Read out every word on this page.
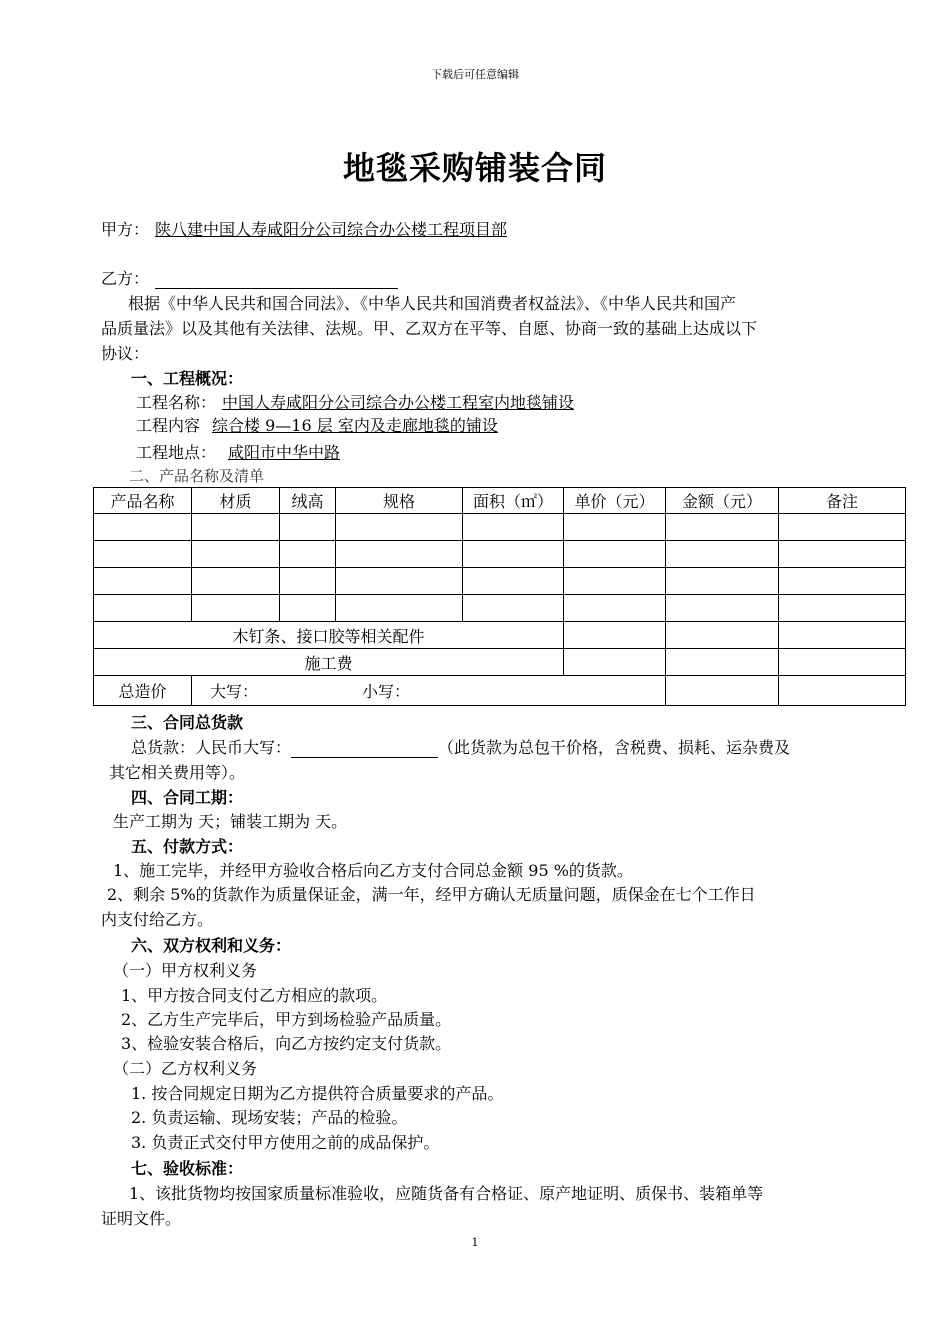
下载后可任意编辑
地毯采购铺装合同
甲方： 陕八建中国人寿咸阳分公司综合办公楼工程项目部
乙方：
根据《中华人民共和国合同法》、《中华人民共和国消费者权益法》、《中华人民共和国产
品质量法》以及其他有关法律、法规。甲、乙双方在平等、自愿、协商一致的基础上达成以下
协议：
一、工程概况：
工程名称： 中国人寿咸阳分公司综合办公楼工程室内地毯铺设
工程内容 综合楼 9—16 层 室内及走廊地毯的铺设
工程地点： 咸阳市中华中路
二、产品名称及清单
产品名称	材质	绒高	规格	面积（㎡）	单价（元）	金额（元）	备注

木钉条、接口胶等相关配件							
施工费							
总造价	大写： 小写：						
三、合同总货款
总货款：人民币大写：	（此货款为总包干价格，含税费、损耗、运杂费及
其它相关费用等）。
四、合同工期：
生产工期为 天；铺装工期为 天。
五、付款方式：
1、施工完毕，并经甲方验收合格后向乙方支付合同总金额 95 %的货款。
2、剩余 5%的货款作为质量保证金，满一年，经甲方确认无质量问题，质保金在七个工作日
内支付给乙方。
六、双方权利和义务：
（一）甲方权利义务
1、甲方按合同支付乙方相应的款项。
2、乙方生产完毕后，甲方到场检验产品质量。
3、检验安装合格后，向乙方按约定支付货款。
（二）乙方权利义务
1. 按合同规定日期为乙方提供符合质量要求的产品。
2. 负责运输、现场安装；产品的检验。
3. 负责正式交付甲方使用之前的成品保护。
七、验收标准：
1、该批货物均按国家质量标准验收，应随货备有合格证、原产地证明、质保书、装箱单等
证明文件。
1
